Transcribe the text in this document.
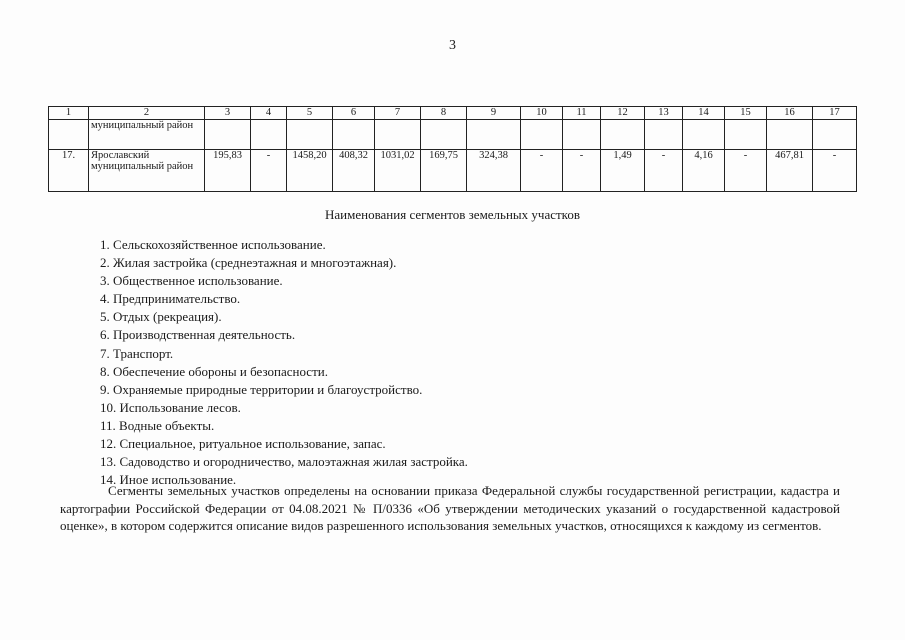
3
1	2	3	4	5	6	7	8	9	10	11	12	13	14	15	16	17
	муниципальный район															
17.	Ярославский муниципальный район	195,83	-	1458,20	408,32	1031,02	169,75	324,38	-	-	1,49	-	4,16	-	467,81	-
Наименования сегментов земельных участков
1. Сельскохозяйственное использование.
2. Жилая застройка (среднеэтажная и многоэтажная).
3. Общественное использование.
4. Предпринимательство.
5. Отдых (рекреация).
6. Производственная деятельность.
7. Транспорт.
8. Обеспечение обороны и безопасности.
9. Охраняемые природные территории и благоустройство.
10. Использование лесов.
11. Водные объекты.
12. Специальное, ритуальное использование, запас.
13. Садоводство и огородничество, малоэтажная жилая застройка.
14. Иное использование.
Сегменты земельных участков определены на основании приказа Федеральной службы государственной регистрации, кадастра и картографии Российской Федерации от 04.08.2021 № П/0336 «Об утверждении методических указаний о государственной кадастровой оценке», в котором содержится описание видов разрешенного использования земельных участков, относящихся к каждому из сегментов.
